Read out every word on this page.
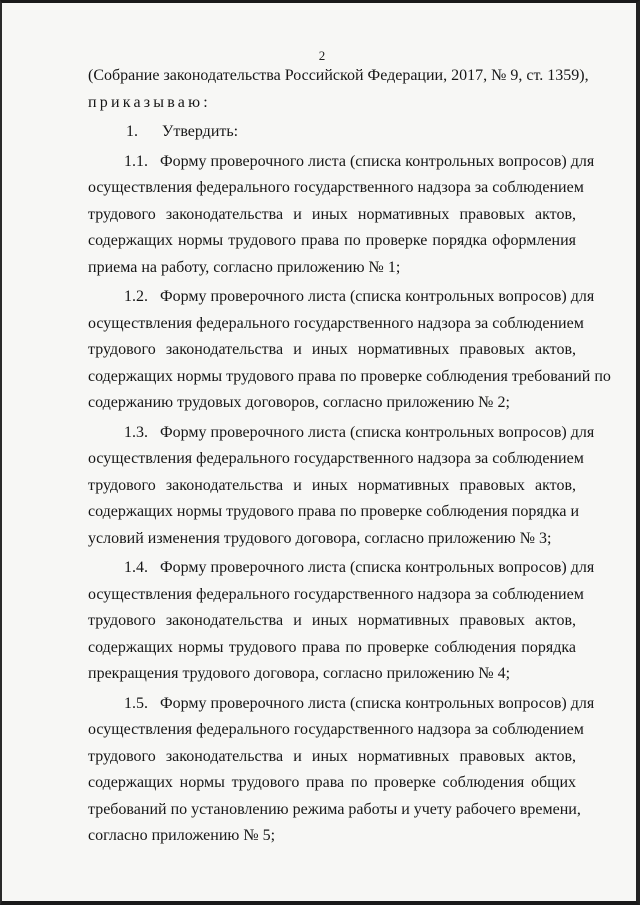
2
(Собрание законодательства Российской Федерации, 2017, № 9, ст. 1359),
приказываю:
1. Утвердить:
1.1. Форму проверочного листа (списка контрольных вопросов) для
осуществления федерального государственного надзора за соблюдением
трудового законодательства и иных нормативных правовых актов,
содержащих нормы трудового права по проверке порядка оформления
приема на работу, согласно приложению № 1;
1.2. Форму проверочного листа (списка контрольных вопросов) для
осуществления федерального государственного надзора за соблюдением
трудового законодательства и иных нормативных правовых актов,
содержащих нормы трудового права по проверке соблюдения требований по
содержанию трудовых договоров, согласно приложению № 2;
1.3. Форму проверочного листа (списка контрольных вопросов) для
осуществления федерального государственного надзора за соблюдением
трудового законодательства и иных нормативных правовых актов,
содержащих нормы трудового права по проверке соблюдения порядка и
условий изменения трудового договора, согласно приложению № 3;
1.4. Форму проверочного листа (списка контрольных вопросов) для
осуществления федерального государственного надзора за соблюдением
трудового законодательства и иных нормативных правовых актов,
содержащих нормы трудового права по проверке соблюдения порядка
прекращения трудового договора, согласно приложению № 4;
1.5. Форму проверочного листа (списка контрольных вопросов) для
осуществления федерального государственного надзора за соблюдением
трудового законодательства и иных нормативных правовых актов,
содержащих нормы трудового права по проверке соблюдения общих
требований по установлению режима работы и учету рабочего времени,
согласно приложению № 5;
